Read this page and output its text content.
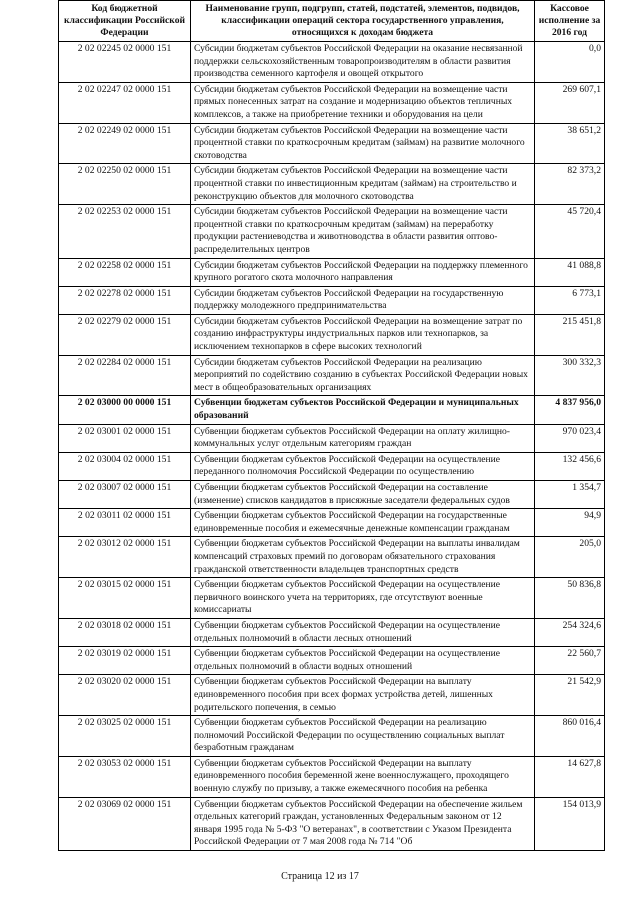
Код бюджетной классификации Российской Федерации	Наименование групп, подгрупп, статей, подстатей, элементов, подвидов, классификации операций сектора государственного управления, относящихся к доходам бюджета	Кассовое исполнение за 2016 год
2 02 02245 02 0000 151	Субсидии бюджетам субъектов Российской Федерации на оказание несвязанной поддержки сельскохозяйственным товаропроизводителям в области развития производства семенного картофеля и овощей открытого	0,0
2 02 02247 02 0000 151	Субсидии бюджетам субъектов Российской Федерации на возмещение части прямых понесенных затрат на создание и модернизацию объектов тепличных комплексов, а также на приобретение техники и оборудования на цели	269 607,1
2 02 02249 02 0000 151	Субсидии бюджетам субъектов Российской Федерации на возмещение части процентной ставки по краткосрочным кредитам (займам) на развитие молочного скотоводства	38 651,2
2 02 02250 02 0000 151	Субсидии бюджетам субъектов Российской Федерации на возмещение части процентной ставки по инвестиционным кредитам (займам) на строительство и реконструкцию объектов для молочного скотоводства	82 373,2
2 02 02253 02 0000 151	Субсидии бюджетам субъектов Российской Федерации на возмещение части процентной ставки по краткосрочным кредитам (займам) на переработку продукции растениеводства и животноводства в области развития оптово-распределительных центров	45 720,4
2 02 02258 02 0000 151	Субсидии бюджетам субъектов Российской Федерации на поддержку племенного крупного рогатого скота молочного направления	41 088,8
2 02 02278 02 0000 151	Субсидии бюджетам субъектов Российской Федерации на государственную поддержку молодежного предпринимательства	6 773,1
2 02 02279 02 0000 151	Субсидии бюджетам субъектов Российской Федерации на возмещение затрат по созданию инфраструктуры индустриальных парков или технопарков, за исключением технопарков в сфере высоких технологий	215 451,8
2 02 02284 02 0000 151	Субсидии бюджетам субъектов Российской Федерации на реализацию мероприятий по содействию созданию в субъектах Российской Федерации новых мест в общеобразовательных организациях	300 332,3
2 02 03000 00 0000 151	Субвенции бюджетам субъектов Российской Федерации и муниципальных образований	4 837 956,0
2 02 03001 02 0000 151	Субвенции бюджетам субъектов Российской Федерации на оплату жилищно-коммунальных услуг отдельным категориям граждан	970 023,4
2 02 03004 02 0000 151	Субвенции бюджетам субъектов Российской Федерации на осуществление переданного полномочия Российской Федерации по осуществлению	132 456,6
2 02 03007 02 0000 151	Субвенции бюджетам субъектов Российской Федерации на составление (изменение) списков кандидатов в присяжные заседатели федеральных судов	1 354,7
2 02 03011 02 0000 151	Субвенции бюджетам субъектов Российской Федерации на государственные единовременные пособия и ежемесячные денежные компенсации гражданам	94,9
2 02 03012 02 0000 151	Субвенции бюджетам субъектов Российской Федерации на выплаты инвалидам компенсаций страховых премий по договорам обязательного страхования гражданской ответственности владельцев транспортных средств	205,0
2 02 03015 02 0000 151	Субвенции бюджетам субъектов Российской Федерации на осуществление первичного воинского учета на территориях, где отсутствуют военные комиссариаты	50 836,8
2 02 03018 02 0000 151	Субвенции бюджетам субъектов Российской Федерации на осуществление отдельных полномочий в области лесных отношений	254 324,6
2 02 03019 02 0000 151	Субвенции бюджетам субъектов Российской Федерации на осуществление отдельных полномочий в области водных отношений	22 560,7
2 02 03020 02 0000 151	Субвенции бюджетам субъектов Российской Федерации на выплату единовременного пособия при всех формах устройства детей, лишенных родительского попечения, в семью	21 542,9
2 02 03025 02 0000 151	Субвенции бюджетам субъектов Российской Федерации на реализацию полномочий Российской Федерации по осуществлению социальных выплат безработным гражданам	860 016,4
2 02 03053 02 0000 151	Субвенции бюджетам субъектов Российской Федерации на выплату единовременного пособия беременной жене военнослужащего, проходящего военную службу по призыву, а также ежемесячного пособия на ребенка	14 627,8
2 02 03069 02 0000 151	Субвенции бюджетам субъектов Российской Федерации на обеспечение жильем отдельных категорий граждан, установленных Федеральным законом от 12 января 1995 года № 5-ФЗ "О ветеранах", в соответствии с Указом Президента Российской Федерации от 7 мая 2008 года № 714 "Об	154 013,9
Страница 12 из 17
